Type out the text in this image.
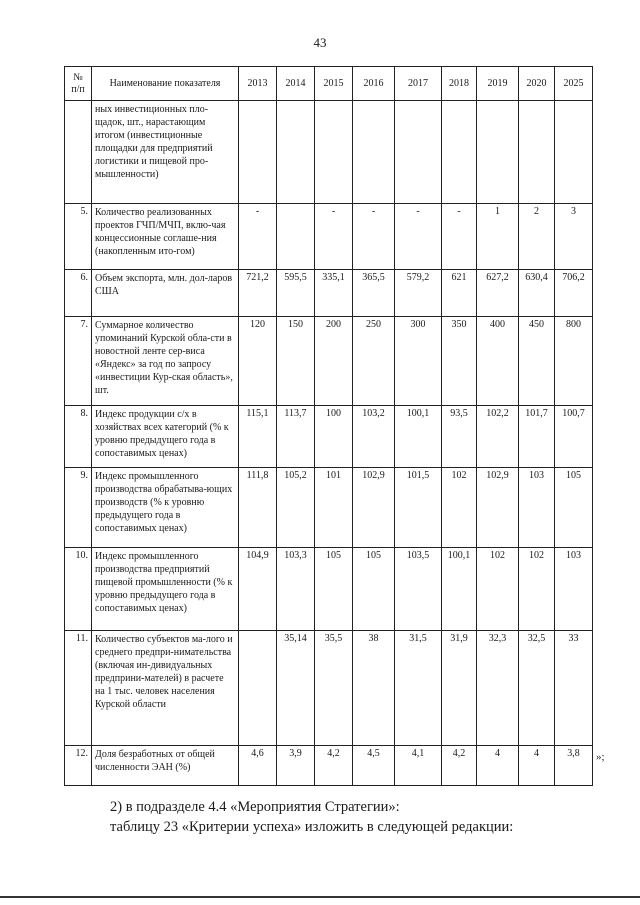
43
№ п/п	Наименование показателя	2013	2014	2015	2016	2017	2018	2019	2020	2025
	ных инвестиционных пло-щадок, шт., нарастающим итогом (инвестиционные площадки для предприятий логистики и пищевой про-мышленности)									
5.	Количество реализованных проектов ГЧП/МЧП, вклю-чая концессионные соглаше-ния (накопленным ито-гом)	-		-	-	-	-	1	2	3
6.	Объем экспорта, млн. дол-ларов США	721,2	595,5	335,1	365,5	579,2	621	627,2	630,4	706,2
7.	Суммарное количество упоминаний Курской обла-сти в новостной ленте сер-виса «Яндекс» за год по запросу «инвестиции Кур-ская область», шт.	120	150	200	250	300	350	400	450	800
8.	Индекс продукции с/х в хозяйствах всех категорий (% к уровню предыдущего года в сопоставимых ценах)	115,1	113,7	100	103,2	100,1	93,5	102,2	101,7	100,7
9.	Индекс промышленного производства обрабатыва-ющих производств (% к уровню предыдущего года в сопоставимых ценах)	111,8	105,2	101	102,9	101,5	102	102,9	103	105
10.	Индекс промышленного производства предприятий пищевой промышленности (% к уровню предыдущего года в сопоставимых ценах)	104,9	103,3	105	105	103,5	100,1	102	102	103
11.	Количество субъектов ма-лого и среднего предпри-нимательства (включая ин-дивидуальных предприни-мателей) в расчете на 1 тыс. человек населения Курской области		35,14	35,5	38	31,5	31,9	32,3	32,5	33
12.	Доля безработных от общей численности ЭАН (%)	4,6	3,9	4,2	4,5	4,1	4,2	4	4	3,8 »;
2) в подразделе 4.4 «Мероприятия Стратегии»:
таблицу 23 «Критерии успеха» изложить в следующей редакции:
